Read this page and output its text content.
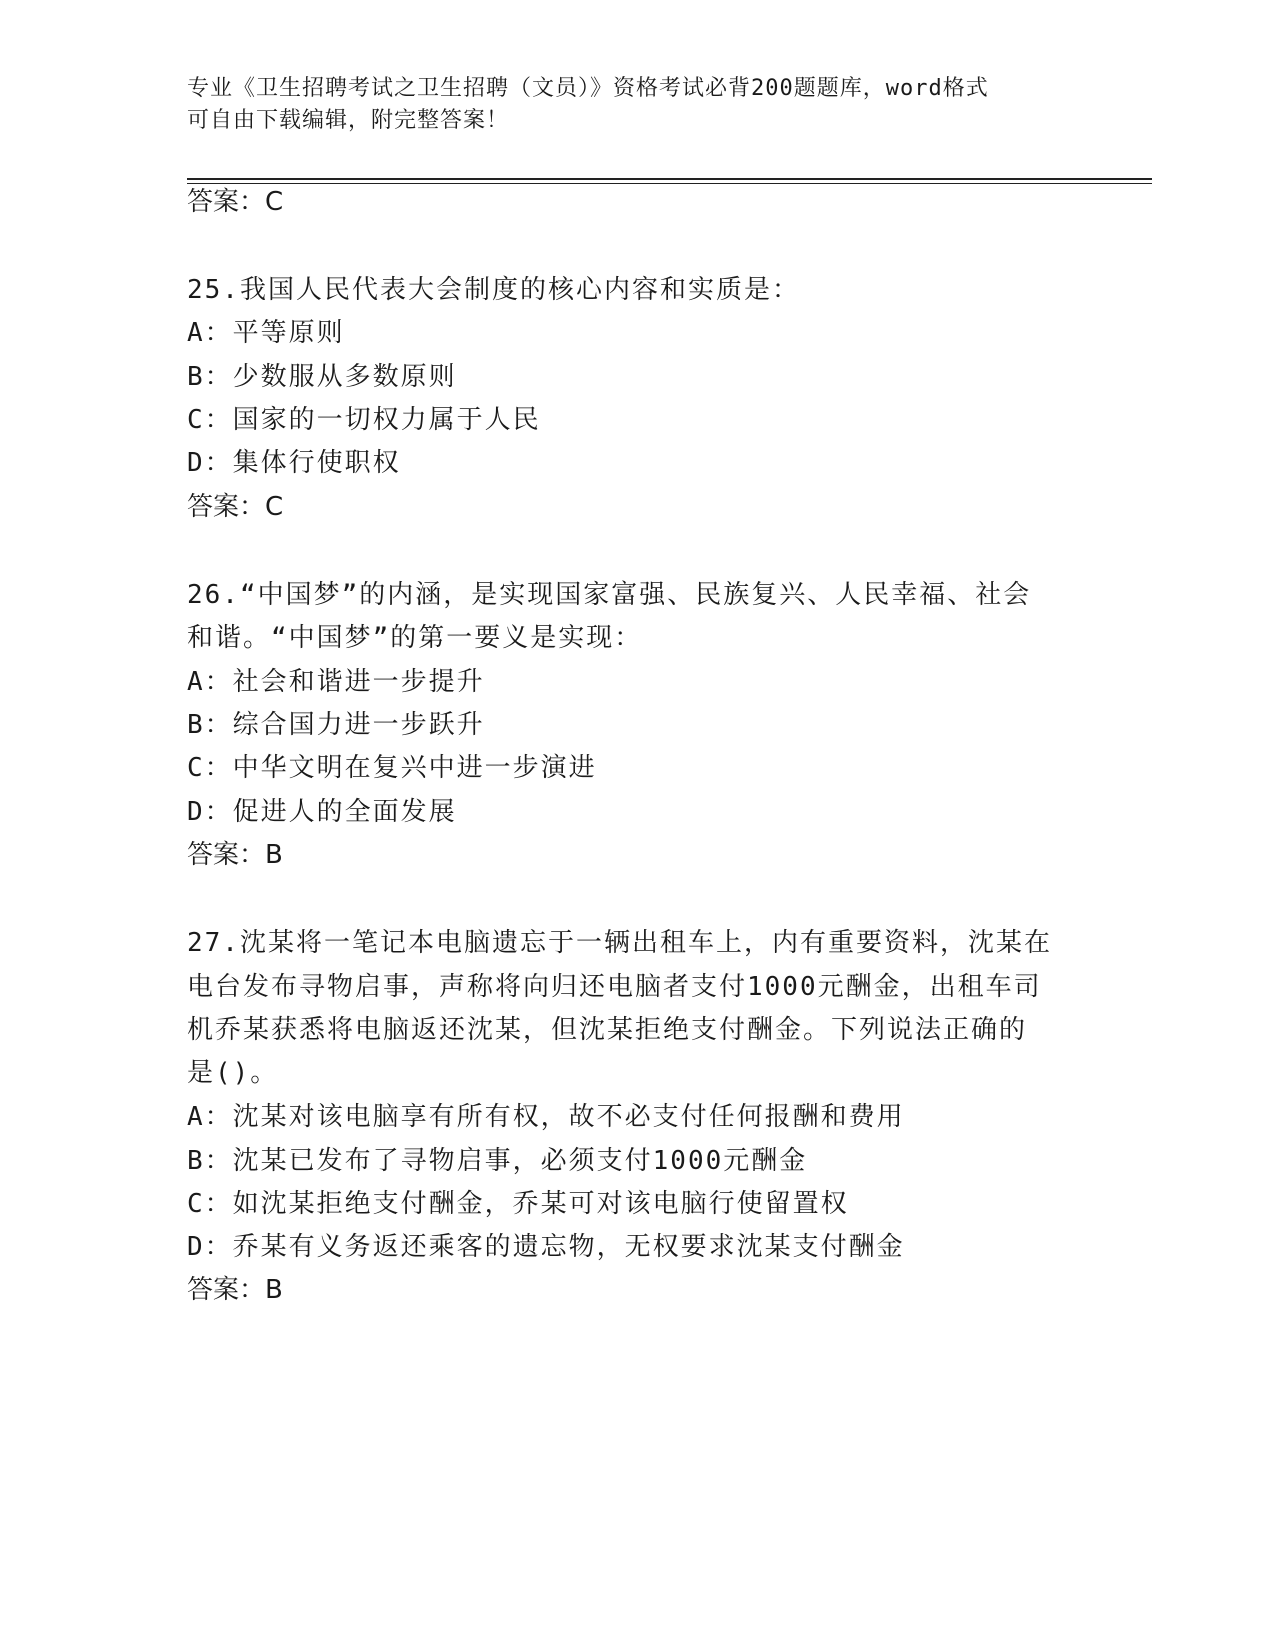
专业《卫生招聘考试之卫生招聘（文员）》资格考试必背200题题库，word格式
可自由下载编辑，附完整答案！
答案：C
25.我国人民代表大会制度的核心内容和实质是：
A：平等原则
B：少数服从多数原则
C：国家的一切权力属于人民
D：集体行使职权
答案：C
26.“中国梦”的内涵，是实现国家富强、民族复兴、人民幸福、社会
和谐。“中国梦”的第一要义是实现：
A：社会和谐进一步提升
B：综合国力进一步跃升
C：中华文明在复兴中进一步演进
D：促进人的全面发展
答案：B
27.沈某将一笔记本电脑遗忘于一辆出租车上，内有重要资料，沈某在
电台发布寻物启事，声称将向归还电脑者支付1000元酬金，出租车司
机乔某获悉将电脑返还沈某，但沈某拒绝支付酬金。下列说法正确的
是()。
A：沈某对该电脑享有所有权，故不必支付任何报酬和费用
B：沈某已发布了寻物启事，必须支付1000元酬金
C：如沈某拒绝支付酬金，乔某可对该电脑行使留置权
D：乔某有义务返还乘客的遗忘物，无权要求沈某支付酬金
答案：B
